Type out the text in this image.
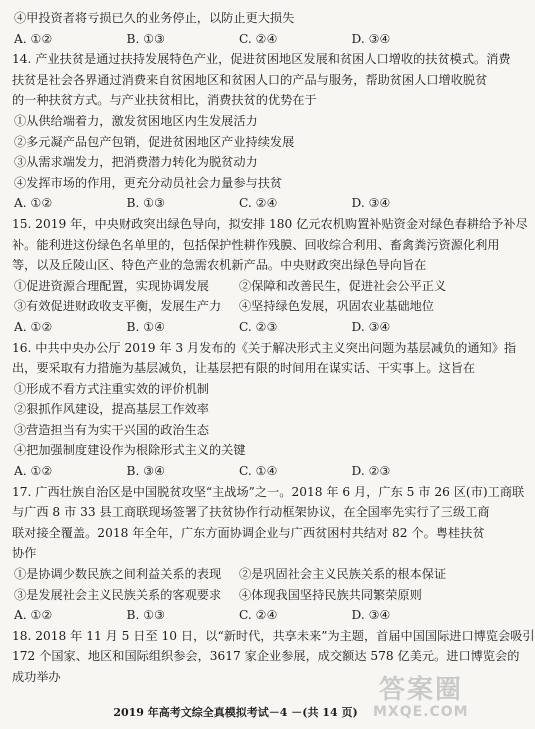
④甲投资者将亏损已久的业务停止，以防止更大损失
A. ①②	B. ①③	C. ②④	D. ③④
14. 产业扶贫是通过扶持发展特色产业，促进贫困地区发展和贫困人口增收的扶贫模式。消费
扶贫是社会各界通过消费来自贫困地区和贫困人口的产品与服务，帮助贫困人口增收脱贫
的一种扶贫方式。与产业扶贫相比，消费扶贫的优势在于
①从供给端着力，激发贫困地区内生发展活力
②多元凝产品包产包销，促进贫困地区产业持续发展
③从需求端发力，把消费潜力转化为脱贫动力
④发挥市场的作用，更充分动员社会力量参与扶贫
A. ①②	B. ①③	C. ②④	D. ③④
15. 2019 年，中央财政突出绿色导向，拟安排 180 亿元农机购置补贴资金对绿色春耕给予补尽
补。能利进这份绿色名单里的，包括保护性耕作残膜、回收综合利用、畜禽粪污资源化利用
等，以及丘陵山区、特色产业的急需农机新产品。中央财政突出绿色导向旨在
①促进资源合理配置，实现协调发展	②保障和改善民生，促进社会公平正义
③有效促进财政收支平衡，发展生产力	④坚持绿色发展，巩固农业基础地位
A. ①②	B. ①④	C. ②③	D. ③④
16. 中共中央办公厅 2019 年 3 月发布的《关于解决形式主义突出问题为基层减负的通知》指
出，要采取有力措施为基层减负，让基层把有限的时间用在谋实话、干实事上。这旨在
①形成不看方式注重实效的评价机制
②狠抓作风建设，提高基层工作效率
③营造担当有为实干兴国的政治生态
④把加强制度建设作为根除形式主义的关键
A. ①②	B. ③④	C. ①④	D. ②③
17. 广西壮族自治区是中国脱贫攻坚“主战场”之一。2018 年 6 月，广东 5 市 26 区(市)工商联
与广西 8 市 33 县工商联现场签署了扶贫协作行动框架协议，在全国率先实行了三级工商
联对接全覆盖。2018 年全年，广东方面协调企业与广西贫困村共结对 82 个。粤桂扶贫
协作
①是协调少数民族之间利益关系的表现	②是巩固社会主义民族关系的根本保证
③是发展社会主义民族关系的客观要求	④体现我国坚持民族共同繁荣原则
A. ①②	B. ①③	C. ②④	D. ③④
18. 2018 年 11 月 5 日至 10 日，以“新时代，共享未来”为主题，首届中国国际进口博览会吸引
172 个国家、地区和国际组织参会，3617 家企业参展，成交额达 578 亿美元。进口博览会的
成功举办
2019 年高考文综全真模拟考试－4 －(共 14 页)
答案圈
MXQE.COM
